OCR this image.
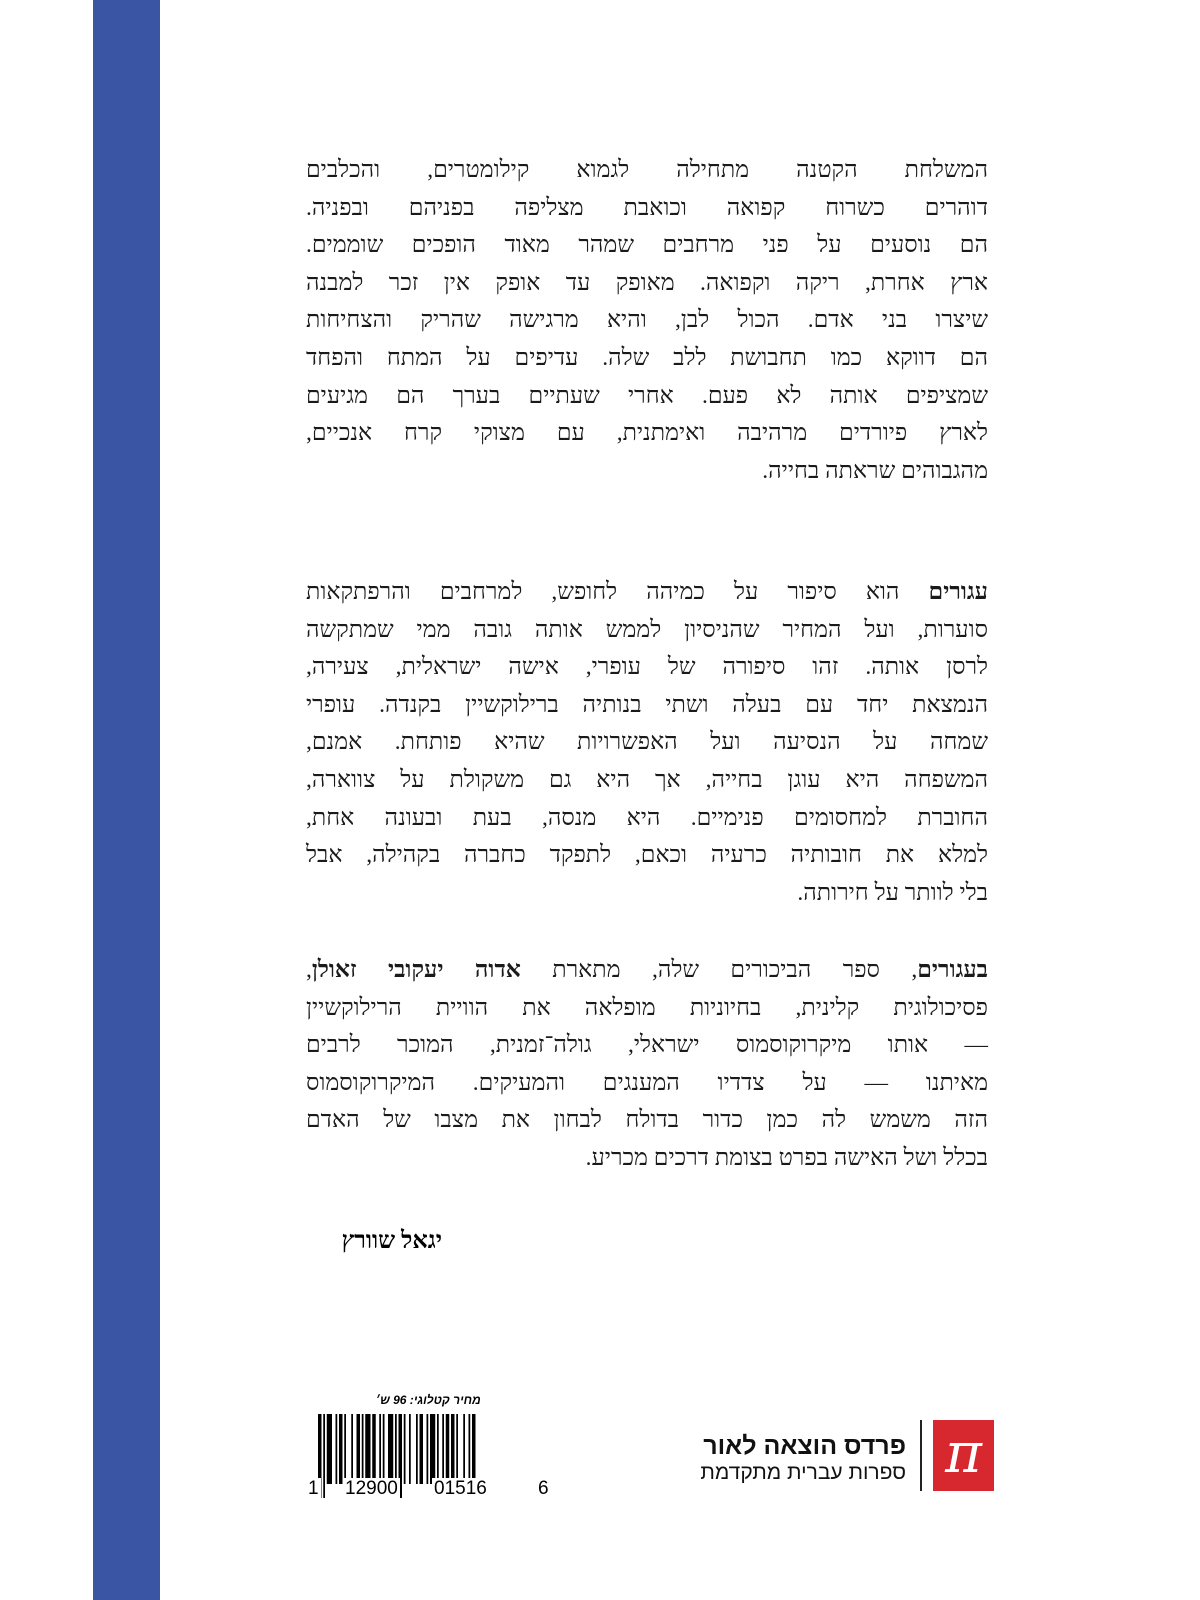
המשלחת הקטנה מתחילה לגמוא קילומטרים, והכלבים
דוהרים כשרוח קפואה וכואבת מצליפה בפניהם ובפניה.
הם נוסעים על פני מרחבים שמהר מאוד הופכים שוממים.
ארץ אחרת, ריקה וקפואה. מאופק עד אופק אין זכר למבנה
שיצרו בני אדם. הכול לבן, והיא מרגישה שהריק והצחיחות
הם דווקא כמו תחבושת ללב שלה. עדיפים על המתח והפחד
שמציפים אותה לא פעם. אחרי שעתיים בערך הם מגיעים
לארץ פיורדים מרהיבה ואימתנית, עם מצוקי קרח אנכיים,
מהגבוהים שראתה בחייה.
עגורים הוא סיפור על כמיהה לחופש, למרחבים והרפתקאות
סוערות, ועל המחיר שהניסיון לממש אותה גובה ממי שמתקשה
לרסן אותה. זהו סיפורה של עופרי, אישה ישראלית, צעירה,
הנמצאת יחד עם בעלה ושתי בנותיה ברילוקשיין בקנדה. עופרי
שמחה על הנסיעה ועל האפשרויות שהיא פותחת. אמנם,
המשפחה היא עוגן בחייה, אך היא גם משקולת על צווארה,
החוברת למחסומים פנימיים. היא מנסה, בעת ובעונה אחת,
למלא את חובותיה כרעיה וכאם, לתפקד כחברה בקהילה, אבל
בלי לוותר על חירותה.
בעגורים, ספר הביכורים שלה, מתארת אדוה יעקובי זאולן,
פסיכולוגית קלינית, בחיוניות מופלאה את הוויית הרילוקשיין
— אותו מיקרוקוסמוס ישראלי, גולה־זמנית, המוכר לרבים
מאיתנו — על צדדיו המענגים והמעיקים. המיקרוקוסמוס
הזה משמש לה כמן כדור בדולח לבחון את מצבו של האדם
בכלל ושל האישה בפרט בצומת דרכים מכריע.
יגאל שוורץ
מחיר קטלוגי: 96 ש׳
1 12900 01516	6
π
פרדס הוצאה לאור
ספרות עברית מתקדמת
